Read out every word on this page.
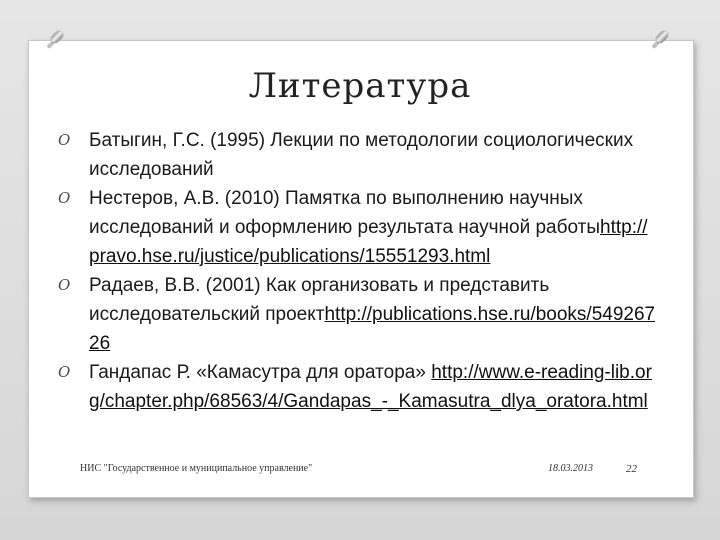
Литература
O Батыгин, Г.С. (1995) Лекции по методологии социологических исследований
O Нестеров, А.В. (2010) Памятка по выполнению научных исследований и оформлению результата научной работыhttp://pravo.hse.ru/justice/publications/15551293.html
O Радаев, В.В. (2001) Как организовать и представить исследовательский проектhttp://publications.hse.ru/books/54926726
O Гандапас Р. «Камасутра для оратора» http://www.e-reading-lib.org/chapter.php/68563/4/Gandapas_-_Kamasutra_dlya_oratora.html
НИС "Государственное и муниципальное управление"	18.03.2013	22
